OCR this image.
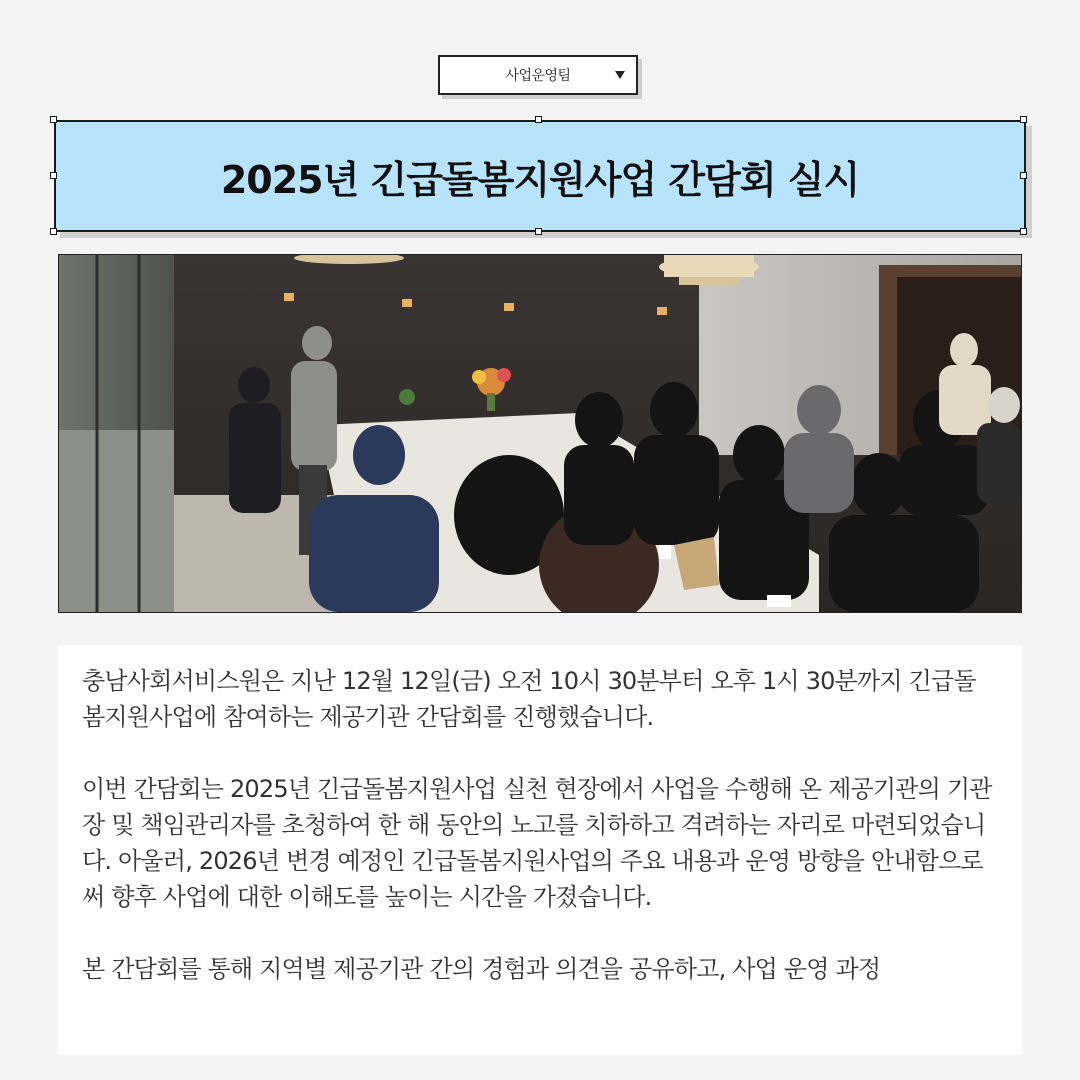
사업운영팀
2025년 긴급돌봄지원사업 간담회 실시

충남사회서비스원은 지난 12월 12일(금) 오전 10시 30분부터 오후 1시 30분까지 긴급돌봄지원사업에 참여하는 제공기관 간담회를 진행했습니다.

이번 간담회는 2025년 긴급돌봄지원사업 실천 현장에서 사업을 수행해 온 제공기관의 기관장 및 책임관리자를 초청하여 한 해 동안의 노고를 치하하고 격려하는 자리로 마련되었습니다. 아울러, 2026년 변경 예정인 긴급돌봄지원사업의 주요 내용과 운영 방향을 안내함으로써 향후 사업에 대한 이해도를 높이는 시간을 가졌습니다.

본 간담회를 통해 지역별 제공기관 간의 경험과 의견을 공유하고, 사업 운영 과정
